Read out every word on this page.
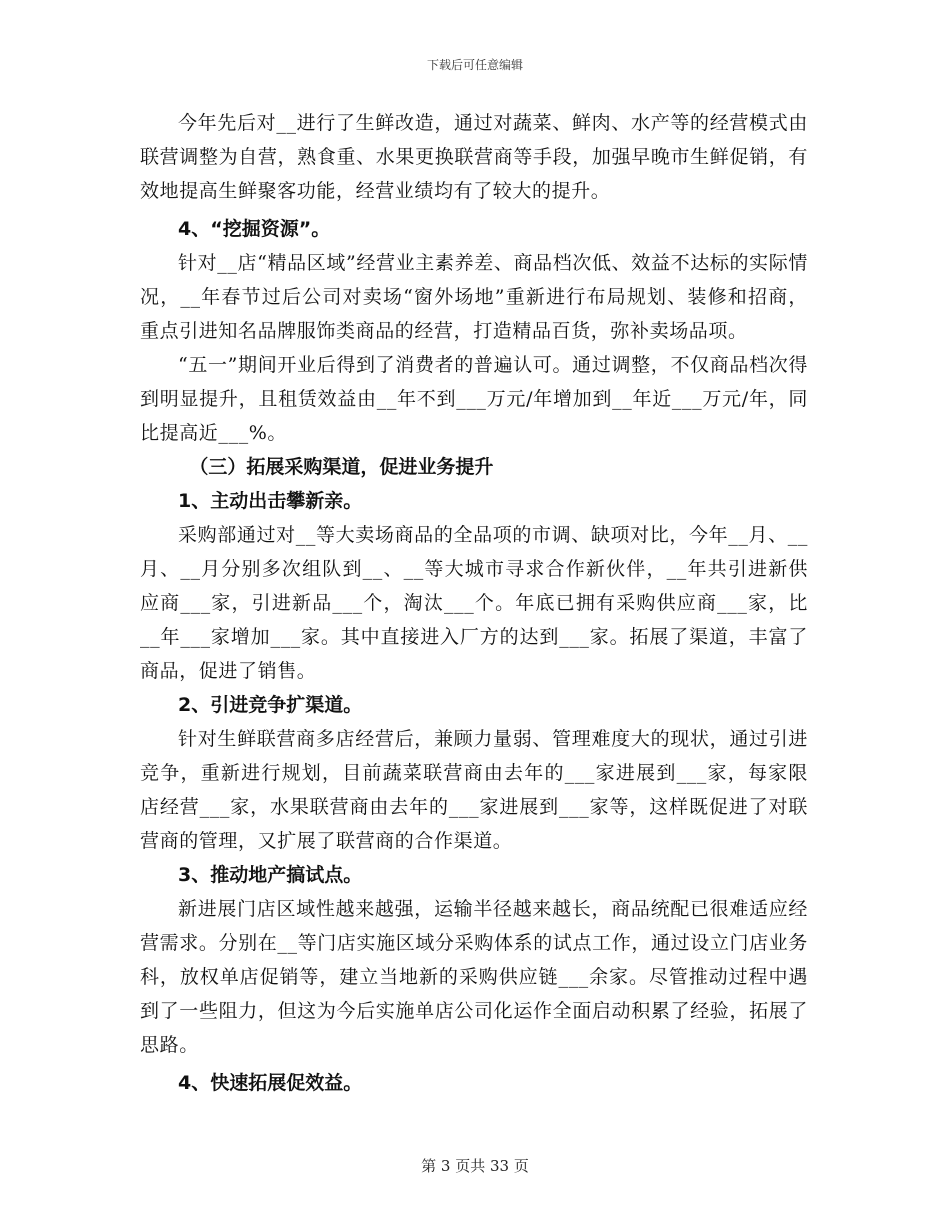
下载后可任意编辑

今年先后对__进行了生鲜改造，通过对蔬菜、鲜肉、水产等的经营模式由联营调整为自营，熟食重、水果更换联营商等手段，加强早晚市生鲜促销，有效地提高生鲜聚客功能，经营业绩均有了较大的提升。

4、“挖掘资源”。

针对__店“精品区域”经营业主素养差、商品档次低、效益不达标的实际情况，__年春节过后公司对卖场“窗外场地”重新进行布局规划、装修和招商，重点引进知名品牌服饰类商品的经营，打造精品百货，弥补卖场品项。

“五一”期间开业后得到了消费者的普遍认可。通过调整，不仅商品档次得到明显提升，且租赁效益由__年不到___万元/年增加到__年近___万元/年，同比提高近___%。

（三）拓展采购渠道，促进业务提升

1、主动出击攀新亲。

采购部通过对__等大卖场商品的全品项的市调、缺项对比，今年__月、__月、__月分别多次组队到__、__等大城市寻求合作新伙伴，__年共引进新供应商___家，引进新品___个，淘汰___个。年底已拥有采购供应商___家，比__年___家增加___家。其中直接进入厂方的达到___家。拓展了渠道，丰富了商品，促进了销售。

2、引进竞争扩渠道。

针对生鲜联营商多店经营后，兼顾力量弱、管理难度大的现状，通过引进竞争，重新进行规划，目前蔬菜联营商由去年的___家进展到___家，每家限店经营___家，水果联营商由去年的___家进展到___家等，这样既促进了对联营商的管理，又扩展了联营商的合作渠道。

3、推动地产搞试点。

新进展门店区域性越来越强，运输半径越来越长，商品统配已很难适应经营需求。分别在__等门店实施区域分采购体系的试点工作，通过设立门店业务科，放权单店促销等，建立当地新的采购供应链___余家。尽管推动过程中遇到了一些阻力，但这为今后实施单店公司化运作全面启动积累了经验，拓展了思路。

4、快速拓展促效益。

第 3 页共 33 页
